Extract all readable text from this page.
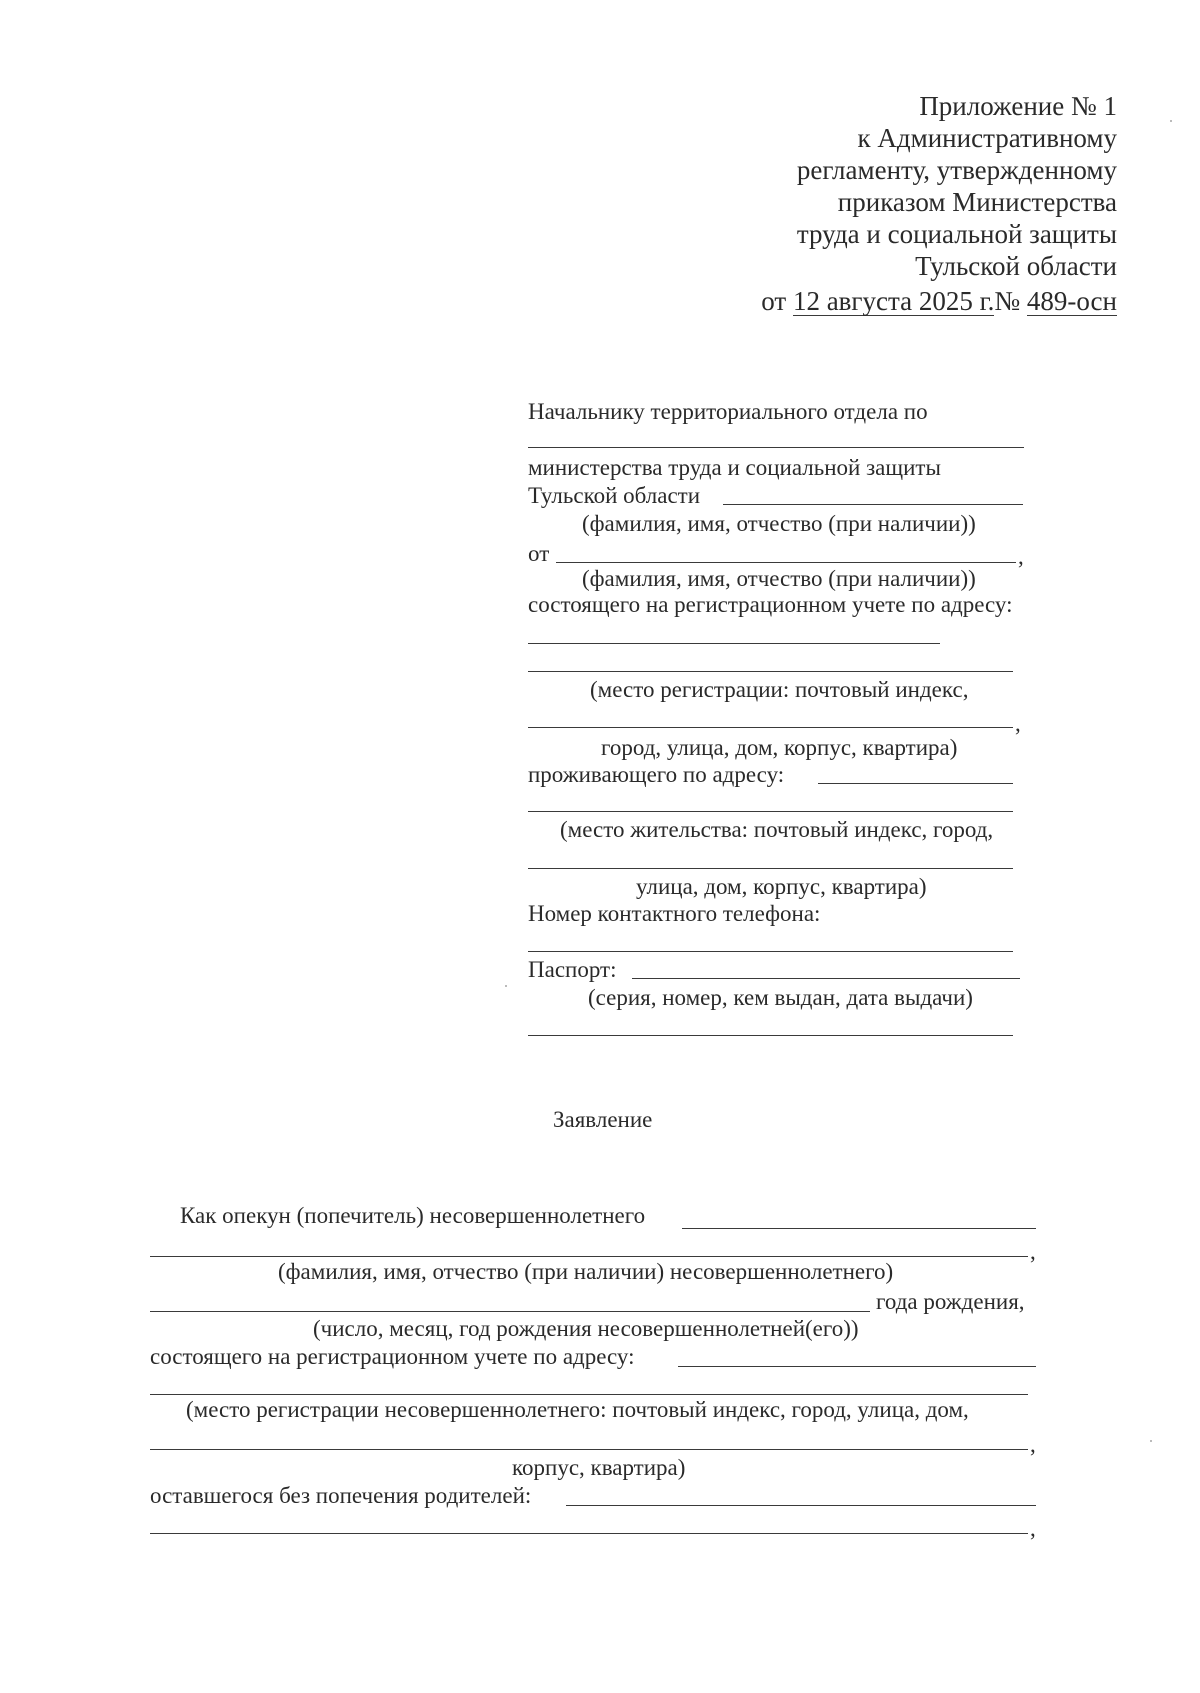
Приложение № 1
к Административному
регламенту, утвержденному
приказом Министерства
труда и социальной защиты
Тульской области
от 12 августа 2025 г.№ 489-осн
Начальнику территориального отдела по
министерства труда и социальной защиты
Тульской области
(фамилия, имя, отчество (при наличии))
от	,
(фамилия, имя, отчество (при наличии))
состоящего на регистрационном учете по адресу:
(место регистрации: почтовый индекс,
,
город, улица, дом, корпус, квартира)
проживающего по адресу:
(место жительства: почтовый индекс, город,
улица, дом, корпус, квартира)
Номер контактного телефона:
Паспорт:
(серия, номер, кем выдан, дата выдачи)
Заявление
Как опекун (попечитель) несовершеннолетнего
,
(фамилия, имя, отчество (при наличии) несовершеннолетнего)
года рождения,
(число, месяц, год рождения несовершеннолетней(его))
состоящего на регистрационном учете по адресу:
(место регистрации несовершеннолетнего: почтовый индекс, город, улица, дом,
,
корпус, квартира)
оставшегося без попечения родителей:
,
